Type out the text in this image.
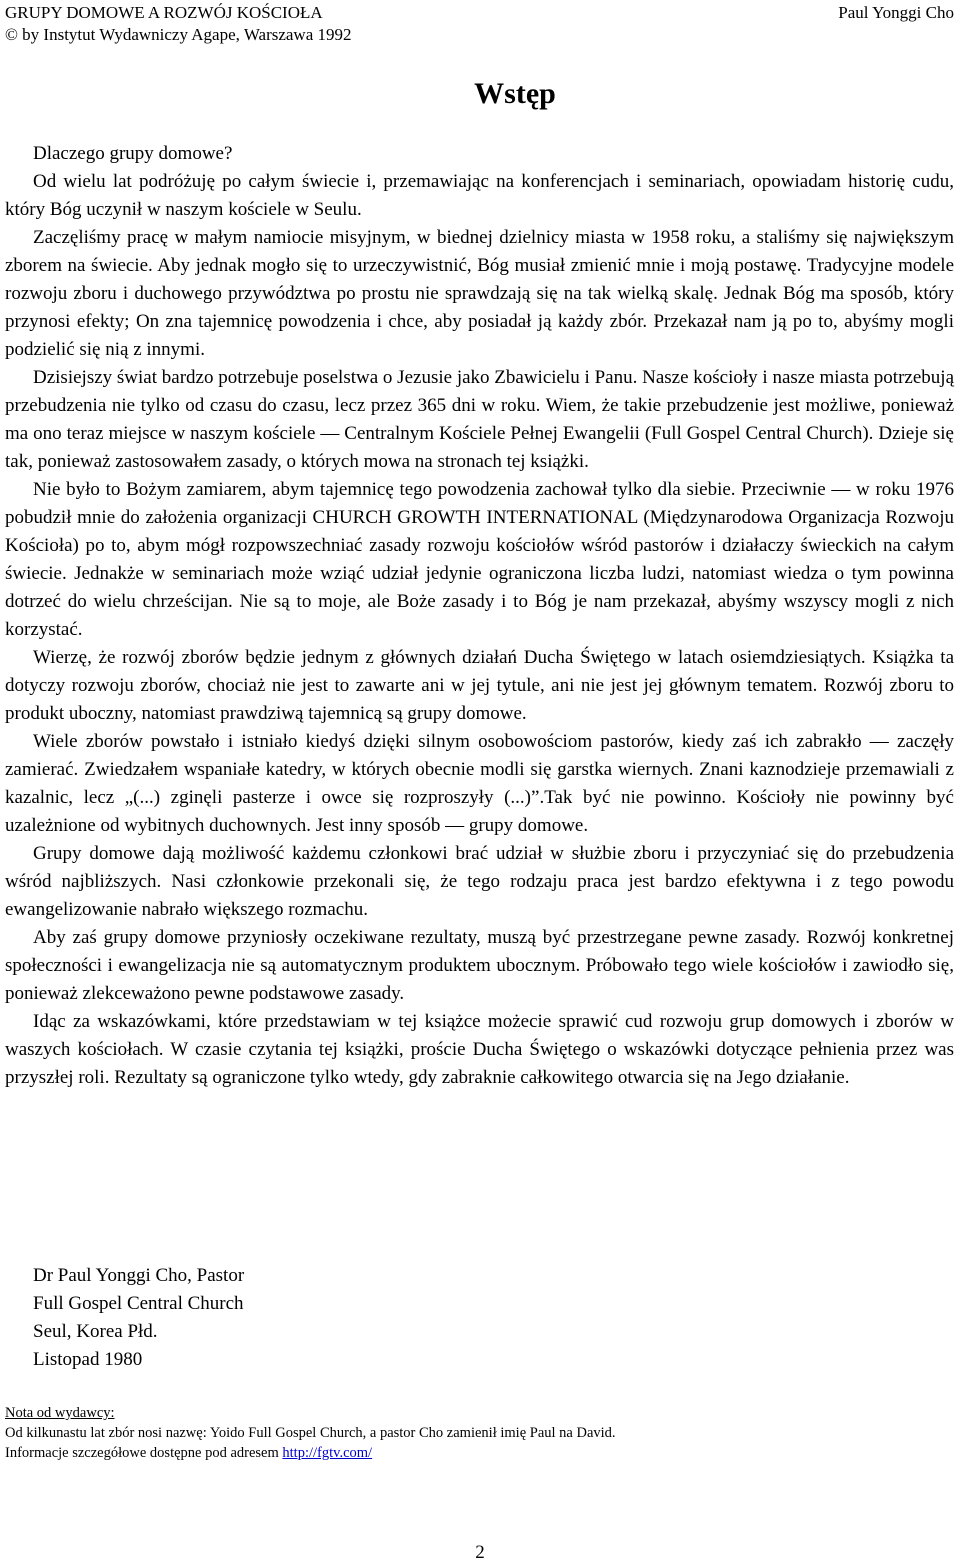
GRUPY DOMOWE A ROZWÓJ KOŚCIOŁA	Paul Yonggi Cho
© by Instytut Wydawniczy Agape, Warszawa 1992
Wstęp

Dlaczego grupy domowe?

Od wielu lat podróżuję po całym świecie i, przemawiając na konferencjach i seminariach, opowiadam historię cudu, który Bóg uczynił w naszym kościele w Seulu.

Zaczęliśmy pracę w małym namiocie misyjnym, w biednej dzielnicy miasta w 1958 roku, a staliśmy się największym zborem na świecie. Aby jednak mogło się to urzeczywistnić, Bóg musiał zmienić mnie i moją postawę. Tradycyjne modele rozwoju zboru i duchowego przywództwa po prostu nie sprawdzają się na tak wielką skalę. Jednak Bóg ma sposób, który przynosi efekty; On zna tajemnicę powodzenia i chce, aby posiadał ją każdy zbór. Przekazał nam ją po to, abyśmy mogli podzielić się nią z innymi.

Dzisiejszy świat bardzo potrzebuje poselstwa o Jezusie jako Zbawicielu i Panu. Nasze kościoły i nasze miasta potrzebują przebudzenia nie tylko od czasu do czasu, lecz przez 365 dni w roku. Wiem, że takie przebudzenie jest możliwe, ponieważ ma ono teraz miejsce w naszym kościele — Centralnym Kościele Pełnej Ewangelii (Full Gospel Central Church). Dzieje się tak, ponieważ zastosowałem zasady, o których mowa na stronach tej książki.

Nie było to Bożym zamiarem, abym tajemnicę tego powodzenia zachował tylko dla siebie. Przeciwnie — w roku 1976 pobudził mnie do założenia organizacji CHURCH GROWTH INTERNATIONAL (Międzynarodowa Organizacja Rozwoju Kościoła) po to, abym mógł rozpowszechniać zasady rozwoju kościołów wśród pastorów i działaczy świeckich na całym świecie. Jednakże w seminariach może wziąć udział jedynie ograniczona liczba ludzi, natomiast wiedza o tym powinna dotrzeć do wielu chrześcijan. Nie są to moje, ale Boże zasady i to Bóg je nam przekazał, abyśmy wszyscy mogli z nich korzystać.

Wierzę, że rozwój zborów będzie jednym z głównych działań Ducha Świętego w latach osiemdziesiątych. Książka ta dotyczy rozwoju zborów, chociaż nie jest to zawarte ani w jej tytule, ani nie jest jej głównym tematem. Rozwój zboru to produkt uboczny, natomiast prawdziwą tajemnicą są grupy domowe.

Wiele zborów powstało i istniało kiedyś dzięki silnym osobowościom pastorów, kiedy zaś ich zabrakło — zaczęły zamierać. Zwiedzałem wspaniałe katedry, w których obecnie modli się garstka wiernych. Znani kaznodzieje przemawiali z kazalnic, lecz „(...) zginęli pasterze i owce się rozproszyły (...)”.Tak być nie powinno. Kościoły nie powinny być uzależnione od wybitnych duchownych. Jest inny sposób — grupy domowe.

Grupy domowe dają możliwość każdemu członkowi brać udział w służbie zboru i przyczyniać się do przebudzenia wśród najbliższych. Nasi członkowie przekonali się, że tego rodzaju praca jest bardzo efektywna i z tego powodu ewangelizowanie nabrało większego rozmachu.

Aby zaś grupy domowe przyniosły oczekiwane rezultaty, muszą być przestrzegane pewne zasady. Rozwój konkretnej społeczności i ewangelizacja nie są automatycznym produktem ubocznym. Próbowało tego wiele kościołów i zawiodło się, ponieważ zlekceważono pewne podstawowe zasady.

Idąc za wskazówkami, które przedstawiam w tej książce możecie sprawić cud rozwoju grup domowych i zborów w waszych kościołach. W czasie czytania tej książki, proście Ducha Świętego o wskazówki dotyczące pełnienia przez was przyszłej roli. Rezultaty są ograniczone tylko wtedy, gdy zabraknie całkowitego otwarcia się na Jego działanie.

Dr Paul Yonggi Cho, Pastor
Full Gospel Central Church
Seul, Korea Płd.
Listopad 1980
Nota od wydawcy:
Od kilkunastu lat zbór nosi nazwę: Yoido Full Gospel Church, a pastor Cho zamienił imię Paul na David.
Informacje szczegółowe dostępne pod adresem http://fgtv.com/
2
